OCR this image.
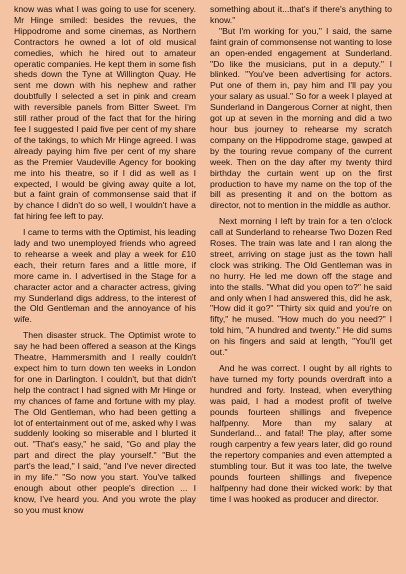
know was what I was going to use for scenery. Mr Hinge smiled: besides the revues, the Hippodrome and some cinemas, as Northern Contractors he owned a lot of old musical comedies, which he hired out to amateur operatic companies. He kept them in some fish sheds down the Tyne at Willington Quay. He sent me down with his nephew and rather doubtfully I selected a set in pink and cream with reversible panels from Bitter Sweet. I'm still rather proud of the fact that for the hiring fee I suggested I paid five per cent of my share of the takings, to which Mr Hinge agreed. I was already paying him five per cent of my share as the Premier Vaudeville Agency for booking me into his theatre, so if I did as well as I expected, I would be giving away quite a lot, but a faint grain of commonsense said that if by chance I didn't do so well, I wouldn't have a fat hiring fee left to pay.

I came to terms with the Optimist, his leading lady and two unemployed friends who agreed to rehearse a week and play a week for £10 each, their return fares and a little more, if more came in. I advertised in the Stage for a character actor and a character actress, giving my Sunderland digs address, to the interest of the Old Gentleman and the annoyance of his wife.

Then disaster struck. The Optimist wrote to say he had been offered a season at the Kings Theatre, Hammersmith and I really couldn't expect him to turn down ten weeks in London for one in Darlington. I couldn't, but that didn't help the contract I had signed with Mr Hinge or my chances of fame and fortune with my play. The Old Gentleman, who had been getting a lot of entertainment out of me, asked why I was suddenly looking so miserable and I blurted it out. "That's easy," he said, "Go and play the part and direct the play yourself." "But the part's the lead," I said, "and I've never directed in my life." "So now you start. You've talked enough about other people's direction ... I know, I've heard you. And you wrote the play so you must know

something about it...that's if there's anything to know."

"But I'm working for you," I said, the same faint grain of commonsense not wanting to lose an open-ended engagement at Sunderland. "Do like the musicians, put in a deputy." I blinked. "You've been advertising for actors. Put one of them in, pay him and I'll pay you your salary as usual." So for a week I played at Sunderland in Dangerous Corner at night, then got up at seven in the morning and did a two hour bus journey to rehearse my scratch company on the Hippodrome stage, gawped at by the touring revue company of the current week. Then on the day after my twenty third birthday the curtain went up on the first production to have my name on the top of the bill as presenting it and on the bottom as director, not to mention in the middle as author.

Next morning I left by train for a ten o'clock call at Sunderland to rehearse Two Dozen Red Roses. The train was late and I ran along the street, arriving on stage just as the town hall clock was striking. The Old Gentleman was in no hurry. He led me down off the stage and into the stalls. "What did you open to?" he said and only when I had answered this, did he ask, "How did it go?" "Thirty six quid and you're on fifty," he mused. "How much do you need?" I told him, "A hundred and twenty." He did sums on his fingers and said at length, "You'll get out."

And he was correct. I ought by all rights to have turned my forty pounds overdraft into a hundred and forty. Instead, when everything was paid, I had a modest profit of twelve pounds fourteen shillings and fivepence halfpenny. More than my salary at Sunderland... and fatal! The play, after some rough carpentry a few years later, did go round the repertory companies and even attempted a stumbling tour. But it was too late, the twelve pounds fourteen shillings and fivepence halfpenny had done their wicked work: by that time I was hooked as producer and director.
